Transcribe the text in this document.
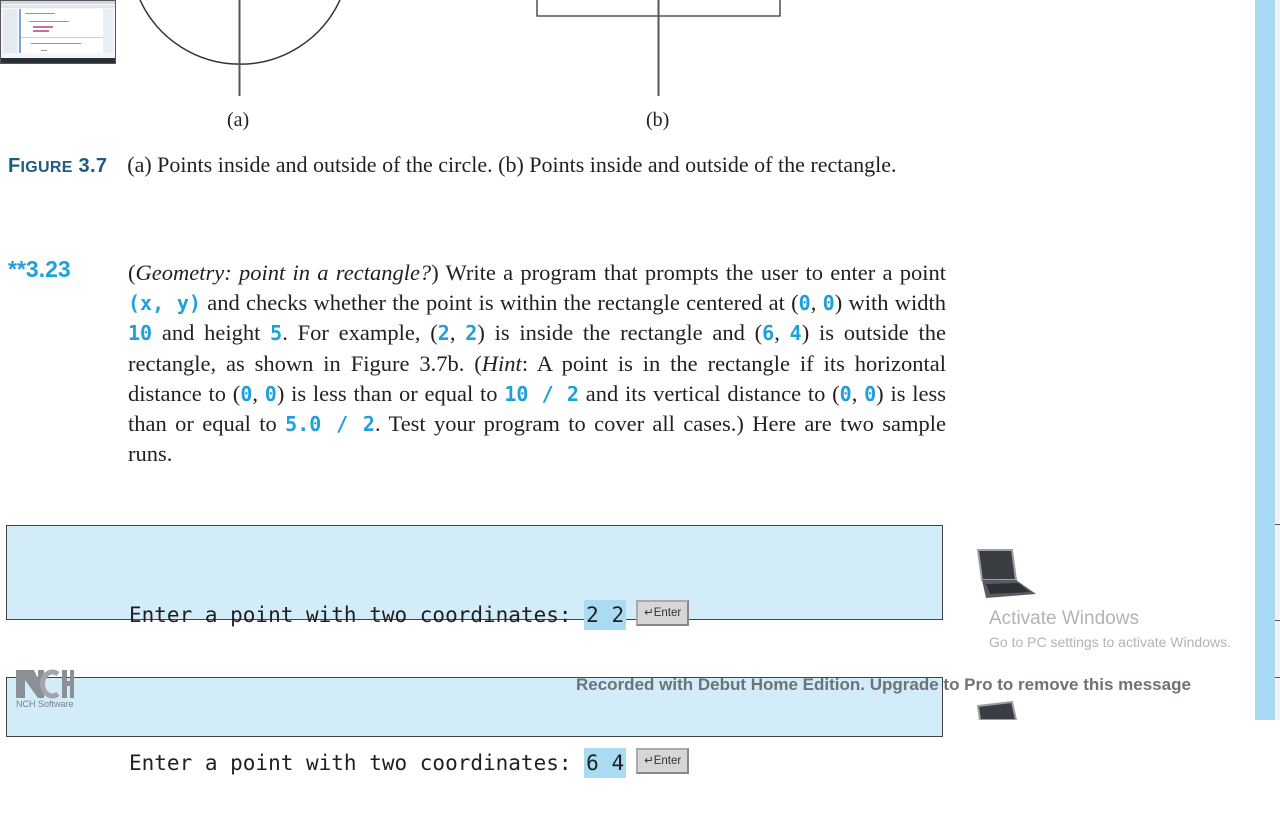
(a)	(b)
FIGURE 3.7 (a) Points inside and outside of the circle. (b) Points inside and outside of the rectangle.
**3.23	(Geometry: point in a rectangle?) Write a program that prompts the user to enter a point (x, y) and checks whether the point is within the rectangle centered at (0, 0) with width 10 and height 5. For example, (2, 2) is inside the rectangle and (6, 4) is outside the rectangle, as shown in Figure 3.7b. (Hint: A point is in the rectangle if its horizontal distance to (0, 0) is less than or equal to 10 / 2 and its vertical distance to (0, 0) is less than or equal to 5.0 / 2. Test your program to cover all cases.) Here are two sample runs.

Enter a point with two coordinates: 2 2 ↵Enter

Enter a point with two coordinates: 6 4 ↵Enter

Activate Windows
Go to PC settings to activate Windows.
NCH Software
Recorded with Debut Home Edition. Upgrade to Pro to remove this message
